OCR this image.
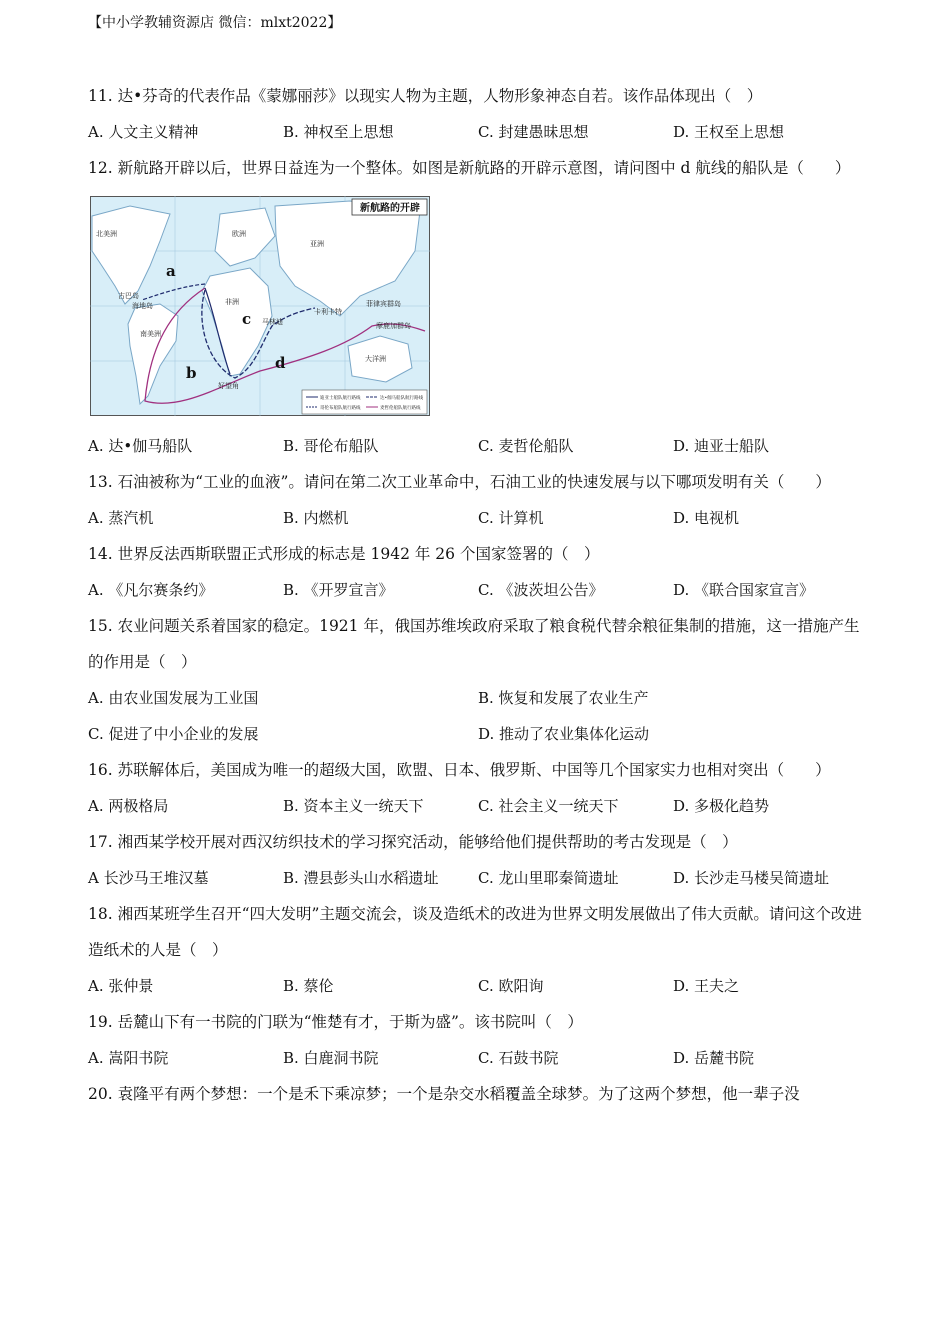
【中小学教辅资源店 微信：mlxt2022】
11. 达•芬奇的代表作品《蒙娜丽莎》以现实人物为主题，人物形象神态自若。该作品体现出（　）
A. 人文主义精神	B. 神权至上思想	C. 封建愚昧思想	D. 王权至上思想
12. 新航路开辟以后，世界日益连为一个整体。如图是新航路的开辟示意图，请问图中 d 航线的船队是（　　）
a
b
c
d
北美洲
南美洲
欧洲
亚洲
非洲
大洋洲
古巴岛
海地岛
好望角
马林迪
卡利卡特
菲律宾群岛
摩鹿加群岛
新航路的开辟
迪亚士船队航行路线	达•伽马船队航行路线
哥伦布船队航行路线	麦哲伦船队航行路线
A. 达•伽马船队	B. 哥伦布船队	C. 麦哲伦船队	D. 迪亚士船队
13. 石油被称为“工业的血液”。请问在第二次工业革命中，石油工业的快速发展与以下哪项发明有关（　　）
A. 蒸汽机	B. 内燃机	C. 计算机	D. 电视机
14. 世界反法西斯联盟正式形成的标志是 1942 年 26 个国家签署的（　）
A. 《凡尔赛条约》	B. 《开罗宣言》	C. 《波茨坦公告》	D. 《联合国家宣言》
15. 农业问题关系着国家的稳定。1921 年，俄国苏维埃政府采取了粮食税代替余粮征集制的措施，这一措施产生的作用是（　）
A. 由农业国发展为工业国	B. 恢复和发展了农业生产
C. 促进了中小企业的发展	D. 推动了农业集体化运动
16. 苏联解体后，美国成为唯一的超级大国，欧盟、日本、俄罗斯、中国等几个国家实力也相对突出（　　）
A. 两极格局	B. 资本主义一统天下	C. 社会主义一统天下	D. 多极化趋势
17. 湘西某学校开展对西汉纺织技术的学习探究活动，能够给他们提供帮助的考古发现是（　）
A 长沙马王堆汉墓	B. 澧县彭头山水稻遗址	C. 龙山里耶秦简遗址	D. 长沙走马楼吴简遗址
18. 湘西某班学生召开“四大发明”主题交流会，谈及造纸术的改进为世界文明发展做出了伟大贡献。请问这个改进造纸术的人是（　）
A. 张仲景	B. 蔡伦	C. 欧阳询	D. 王夫之
19. 岳麓山下有一书院的门联为“惟楚有才，于斯为盛”。该书院叫（　）
A. 嵩阳书院	B. 白鹿洞书院	C. 石鼓书院	D. 岳麓书院
20. 袁隆平有两个梦想：一个是禾下乘凉梦；一个是杂交水稻覆盖全球梦。为了这两个梦想，他一辈子没
